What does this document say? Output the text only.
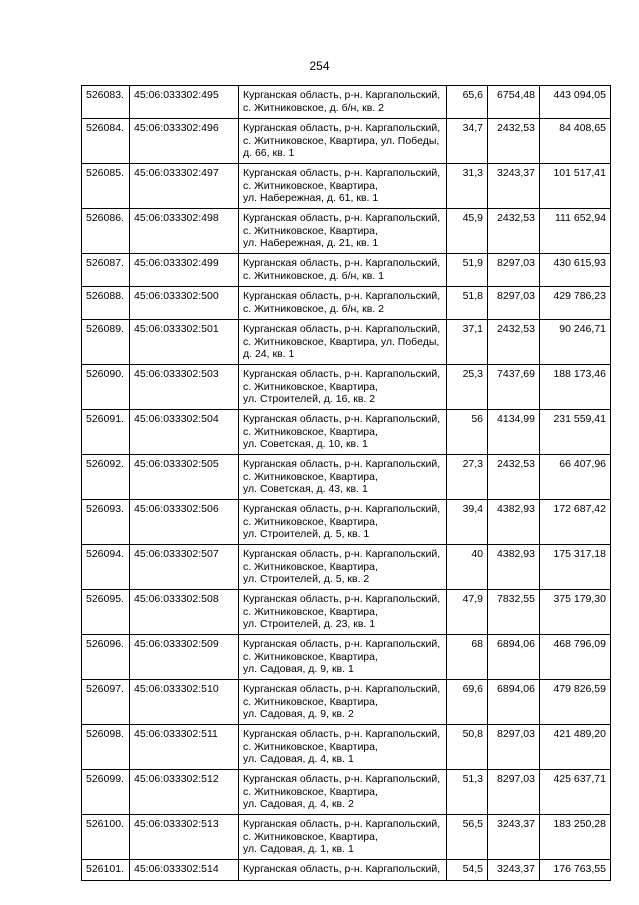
254
526083.	45:06:033302:495	Курганская область, р-н. Каргапольский,
с. Житниковское, д. б/н, кв. 2	65,6	6754,48	443 094,05
526084.	45:06:033302:496	Курганская область, р-н. Каргапольский,
с. Житниковское, Квартира, ул. Победы,
д. 66, кв. 1	34,7	2432,53	84 408,65
526085.	45:06:033302:497	Курганская область, р-н. Каргапольский,
с. Житниковское, Квартира,
ул. Набережная, д. 61, кв. 1	31,3	3243,37	101 517,41
526086.	45:06:033302:498	Курганская область, р-н. Каргапольский,
с. Житниковское, Квартира,
ул. Набережная, д. 21, кв. 1	45,9	2432,53	111 652,94
526087.	45:06:033302:499	Курганская область, р-н. Каргапольский,
с. Житниковское, д. б/н, кв. 1	51,9	8297,03	430 615,93
526088.	45:06:033302:500	Курганская область, р-н. Каргапольский,
с. Житниковское, д. б/н, кв. 2	51,8	8297,03	429 786,23
526089.	45:06:033302:501	Курганская область, р-н. Каргапольский,
с. Житниковское, Квартира, ул. Победы,
д. 24, кв. 1	37,1	2432,53	90 246,71
526090.	45:06:033302:503	Курганская область, р-н. Каргапольский,
с. Житниковское, Квартира,
ул. Строителей, д. 16, кв. 2	25,3	7437,69	188 173,46
526091.	45:06:033302:504	Курганская область, р-н. Каргапольский,
с. Житниковское, Квартира,
ул. Советская, д. 10, кв. 1	56	4134,99	231 559,41
526092.	45:06:033302:505	Курганская область, р-н. Каргапольский,
с. Житниковское, Квартира,
ул. Советская, д. 43, кв. 1	27,3	2432,53	66 407,96
526093.	45:06:033302:506	Курганская область, р-н. Каргапольский,
с. Житниковское, Квартира,
ул. Строителей, д. 5, кв. 1	39,4	4382,93	172 687,42
526094.	45:06:033302:507	Курганская область, р-н. Каргапольский,
с. Житниковское, Квартира,
ул. Строителей, д. 5, кв. 2	40	4382,93	175 317,18
526095.	45:06:033302:508	Курганская область, р-н. Каргапольский,
с. Житниковское, Квартира,
ул. Строителей, д. 23, кв. 1	47,9	7832,55	375 179,30
526096.	45:06:033302:509	Курганская область, р-н. Каргапольский,
с. Житниковское, Квартира,
ул. Садовая, д. 9, кв. 1	68	6894,06	468 796,09
526097.	45:06:033302:510	Курганская область, р-н. Каргапольский,
с. Житниковское, Квартира,
ул. Садовая, д. 9, кв. 2	69,6	6894,06	479 826,59
526098.	45:06:033302:511	Курганская область, р-н. Каргапольский,
с. Житниковское, Квартира,
ул. Садовая, д. 4, кв. 1	50,8	8297,03	421 489,20
526099.	45:06:033302:512	Курганская область, р-н. Каргапольский,
с. Житниковское, Квартира,
ул. Садовая, д. 4, кв. 2	51,3	8297,03	425 637,71
526100.	45:06:033302:513	Курганская область, р-н. Каргапольский,
с. Житниковское, Квартира,
ул. Садовая, д. 1, кв. 1	56,5	3243,37	183 250,28
526101.	45:06:033302:514	Курганская область, р-н. Каргапольский,	54,5	3243,37	176 763,55
